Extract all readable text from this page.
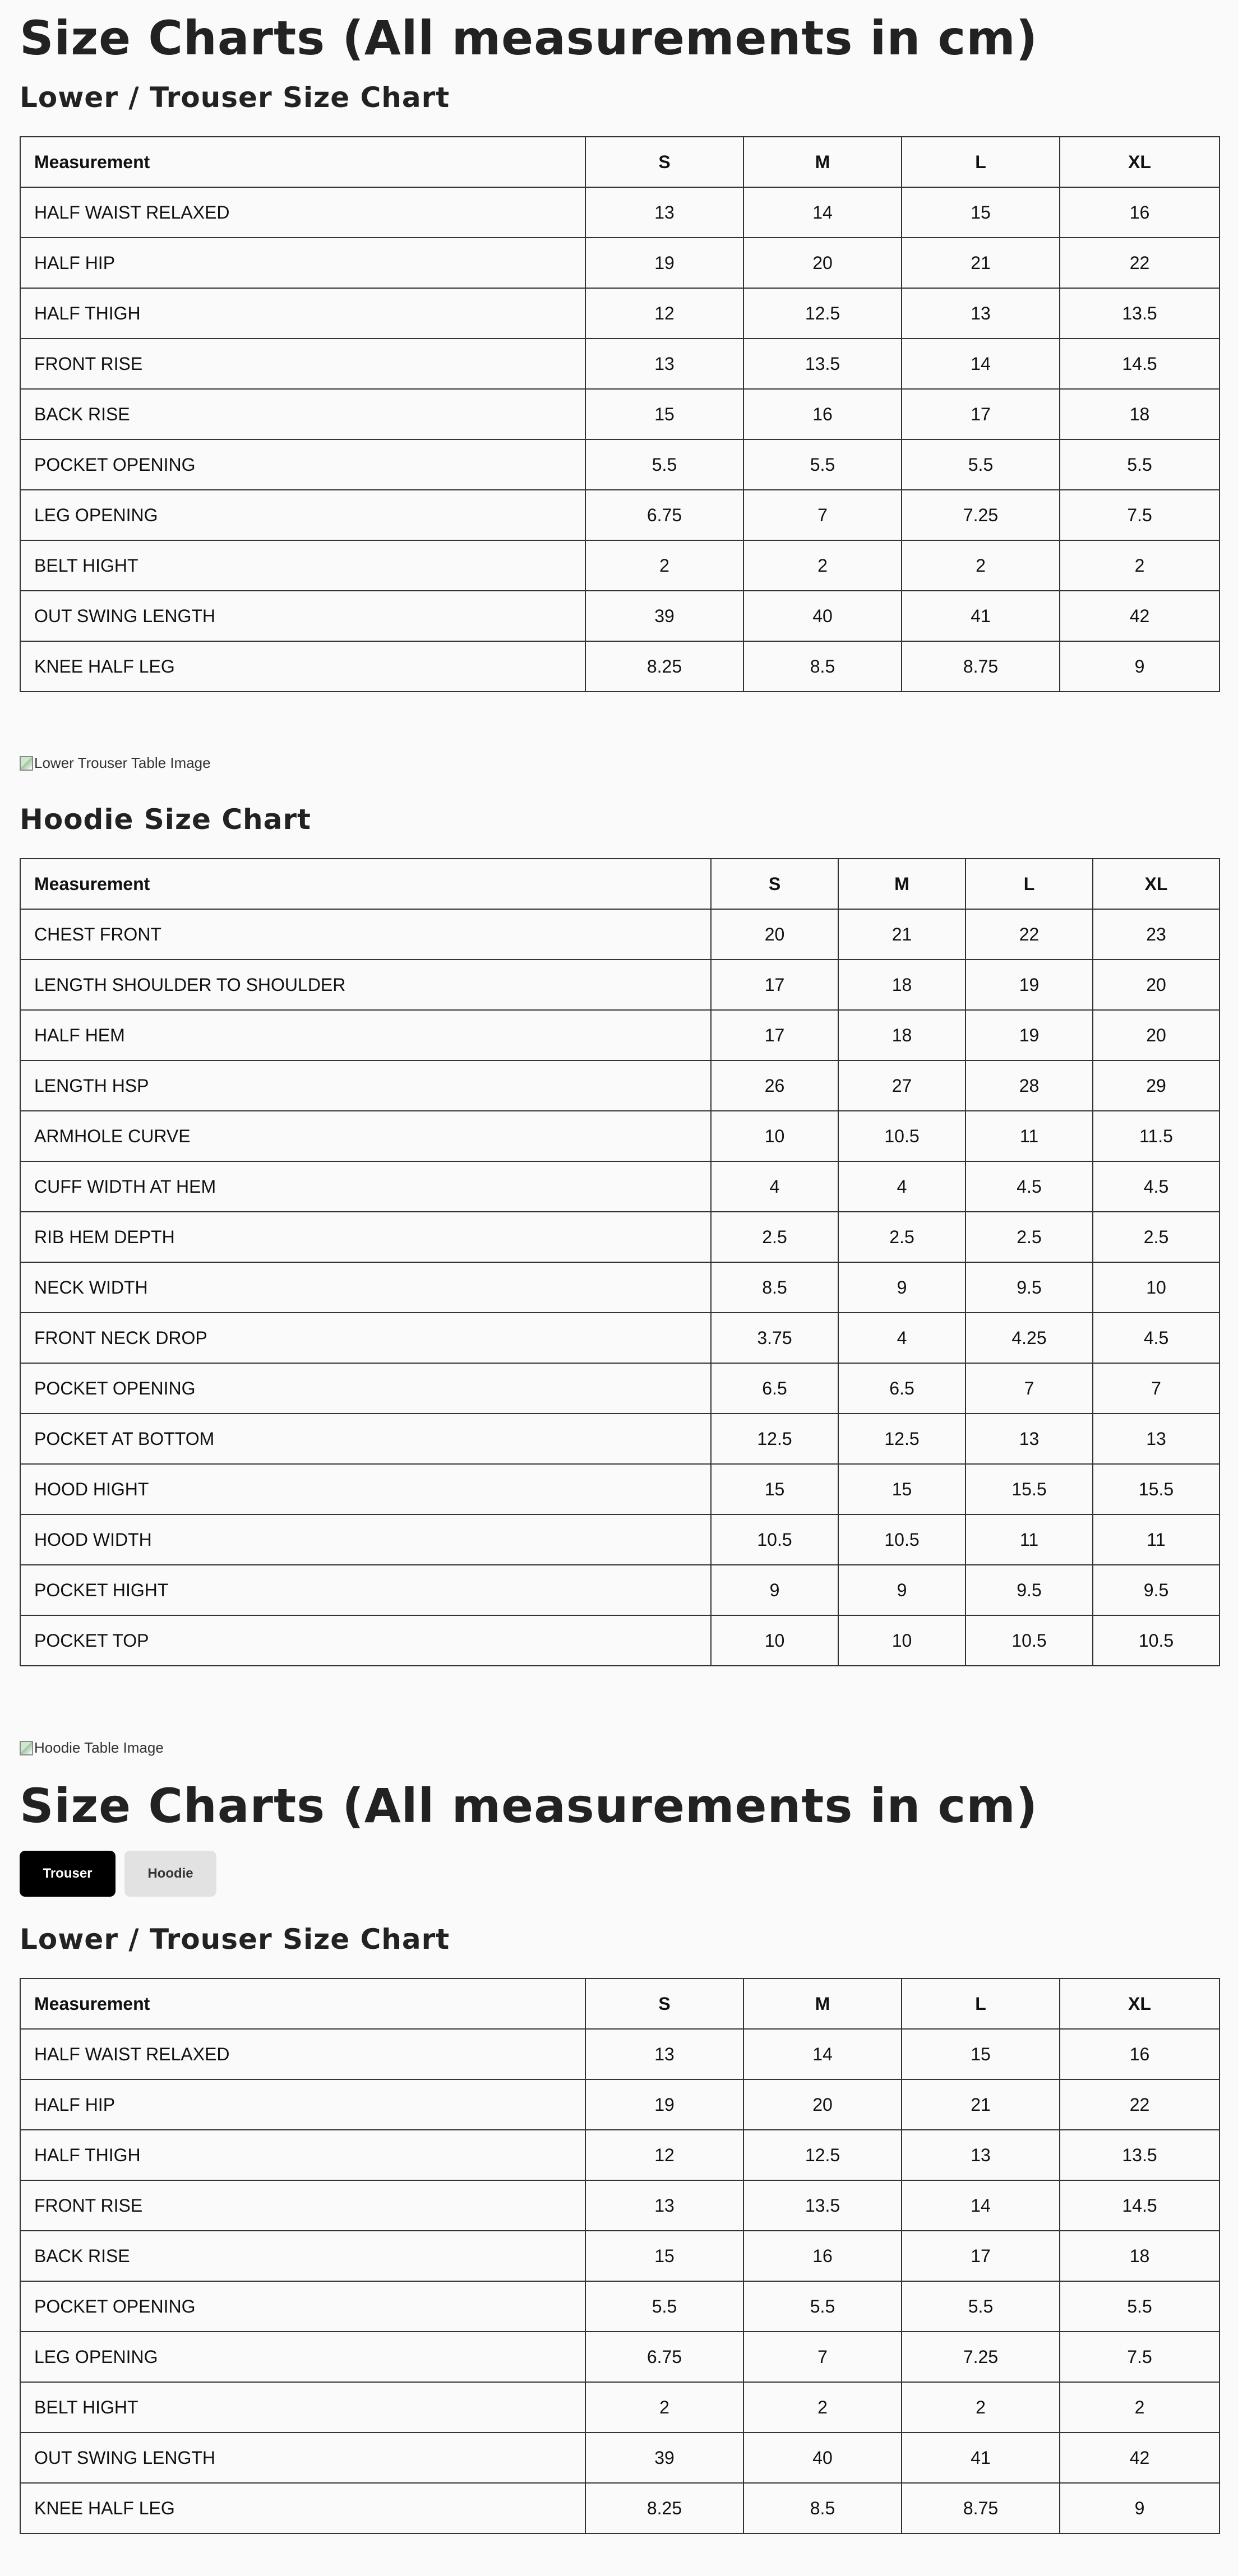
Size Charts (All measurements in cm)
Lower / Trouser Size Chart
Measurement	S	M	L	XL
HALF WAIST RELAXED	13	14	15	16
HALF HIP	19	20	21	22
HALF THIGH	12	12.5	13	13.5
FRONT RISE	13	13.5	14	14.5
BACK RISE	15	16	17	18
POCKET OPENING	5.5	5.5	5.5	5.5
LEG OPENING	6.75	7	7.25	7.5
BELT HIGHT	2	2	2	2
OUT SWING LENGTH	39	40	41	42
KNEE HALF LEG	8.25	8.5	8.75	9
Lower Trouser Table Image
Hoodie Size Chart
Measurement	S	M	L	XL
CHEST FRONT	20	21	22	23
LENGTH SHOULDER TO SHOULDER	17	18	19	20
HALF HEM	17	18	19	20
LENGTH HSP	26	27	28	29
ARMHOLE CURVE	10	10.5	11	11.5
CUFF WIDTH AT HEM	4	4	4.5	4.5
RIB HEM DEPTH	2.5	2.5	2.5	2.5
NECK WIDTH	8.5	9	9.5	10
FRONT NECK DROP	3.75	4	4.25	4.5
POCKET OPENING	6.5	6.5	7	7
POCKET AT BOTTOM	12.5	12.5	13	13
HOOD HIGHT	15	15	15.5	15.5
HOOD WIDTH	10.5	10.5	11	11
POCKET HIGHT	9	9	9.5	9.5
POCKET TOP	10	10	10.5	10.5
Hoodie Table Image
Size Charts (All measurements in cm)
Trouser	Hoodie
Lower / Trouser Size Chart
Measurement	S	M	L	XL
HALF WAIST RELAXED	13	14	15	16
HALF HIP	19	20	21	22
HALF THIGH	12	12.5	13	13.5
FRONT RISE	13	13.5	14	14.5
BACK RISE	15	16	17	18
POCKET OPENING	5.5	5.5	5.5	5.5
LEG OPENING	6.75	7	7.25	7.5
BELT HIGHT	2	2	2	2
OUT SWING LENGTH	39	40	41	42
KNEE HALF LEG	8.25	8.5	8.75	9
